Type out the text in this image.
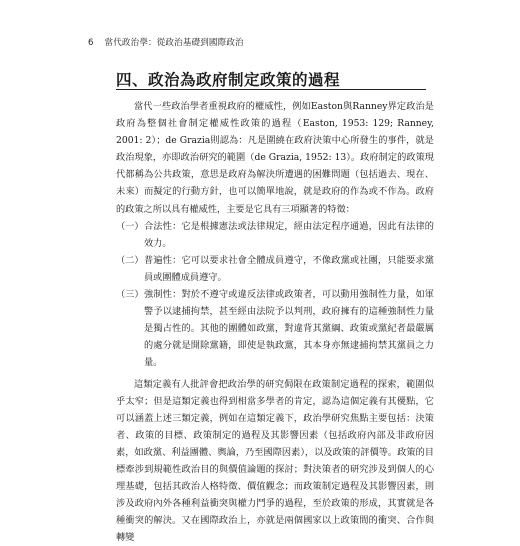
6 當代政治學：從政治基礎到國際政治
四、政治為政府制定政策的過程

當代一些政治學者重視政府的權威性，例如Easton與Ranney界定政治是政府為整個社會制定權威性政策的過程（Easton, 1953: 129; Ranney, 2001: 2）；de Grazia則認為：凡是圍繞在政府決策中心所發生的事件，就是政治現象，亦即政治研究的範圍（de Grazia, 1952: 13）。政府制定的政策現代都稱為公共政策，意思是政府為解決所遭遇的困難問題（包括過去、現在、未來）而擬定的行動方針，也可以簡單地說，就是政府的作為或不作為。政府的政策之所以具有權威性，主要是它具有三項顯著的特徵：

（一） 合法性：它是根據憲法或法律規定，經由法定程序通過，因此有法律的效力。

（二） 普遍性：它可以要求社會全體成員遵守，不像政黨或社團，只能要求黨員或團體成員遵守。

（三） 強制性：對於不遵守或違反法律或政策者，可以動用強制性力量，如軍警予以逮捕拘禁，甚至經由法院予以判刑，政府擁有的這種強制性力量是獨占性的。其他的團體如政黨，對違背其黨綱、政策或黨紀者最嚴厲的處分就是開除黨籍，即使是執政黨，其本身亦無逮捕拘禁其黨員之力量。

這類定義有人批評會把政治學的研究侷限在政策制定過程的探索，範圍似乎太窄；但是這類定義也得到相當多學者的肯定，認為這個定義有其優點，它可以涵蓋上述三類定義，例如在這類定義下，政治學研究焦點主要包括：決策者、政策的目標、政策制定的過程及其影響因素（包括政府內部及非政府因素，如政黨、利益團體、輿論，乃至國際因素），以及政策的評價等。政策的目標牽涉到規範性政治目的與價值論題的探討；對決策者的研究涉及到個人的心理基礎，包括其政治人格特徵、價值觀念；而政策制定過程及其影響因素，則涉及政府內外各種利益衝突與權力鬥爭的過程，至於政策的形成，其實就是各種衝突的解決。又在國際政治上，亦就是兩個國家以上政策間的衝突、合作與轉變
